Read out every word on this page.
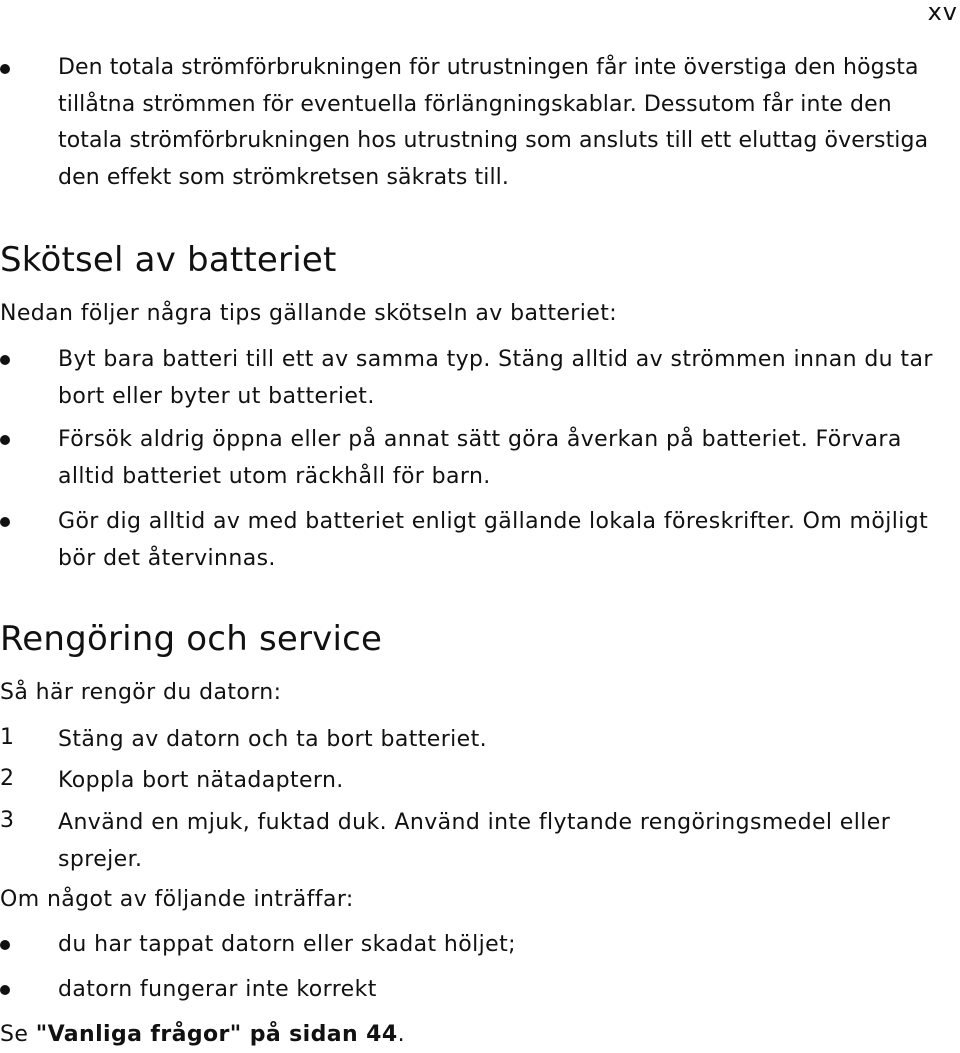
xv
Den totala strömförbrukningen för utrustningen får inte överstiga den högsta tillåtna strömmen för eventuella förlängningskablar. Dessutom får inte den totala strömförbrukningen hos utrustning som ansluts till ett eluttag överstiga den effekt som strömkretsen säkrats till.
Skötsel av batteriet
Nedan följer några tips gällande skötseln av batteriet:
Byt bara batteri till ett av samma typ. Stäng alltid av strömmen innan du tar bort eller byter ut batteriet.
Försök aldrig öppna eller på annat sätt göra åverkan på batteriet. Förvara alltid batteriet utom räckhåll för barn.
Gör dig alltid av med batteriet enligt gällande lokala föreskrifter. Om möjligt bör det återvinnas.
Rengöring och service
Så här rengör du datorn:
1 Stäng av datorn och ta bort batteriet.
2 Koppla bort nätadaptern.
3 Använd en mjuk, fuktad duk. Använd inte flytande rengöringsmedel eller sprejer.
Om något av följande inträffar:
du har tappat datorn eller skadat höljet;
datorn fungerar inte korrekt
Se "Vanliga frågor" på sidan 44.
